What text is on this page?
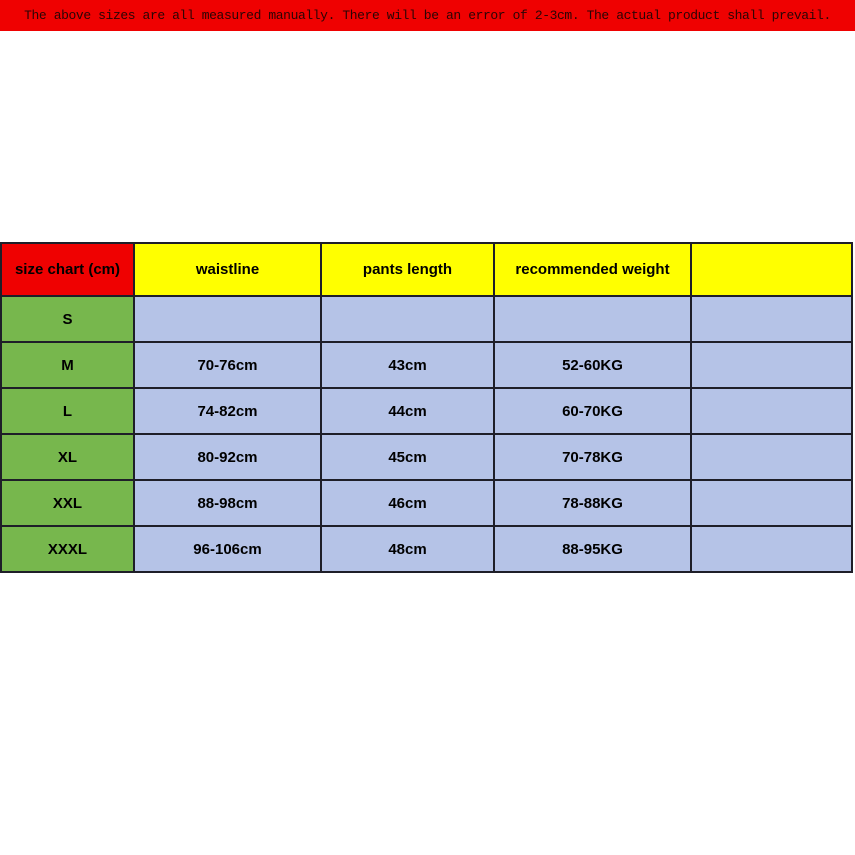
size chart (cm)	waistline	pants length	recommended weight	
S				
M	70-76cm	43cm	52-60KG	
L	74-82cm	44cm	60-70KG	
XL	80-92cm	45cm	70-78KG	
XXL	88-98cm	46cm	78-88KG	
XXXL	96-106cm	48cm	88-95KG	
The above sizes are all measured manually. There will be an error of 2-3cm. The actual product shall prevail.
